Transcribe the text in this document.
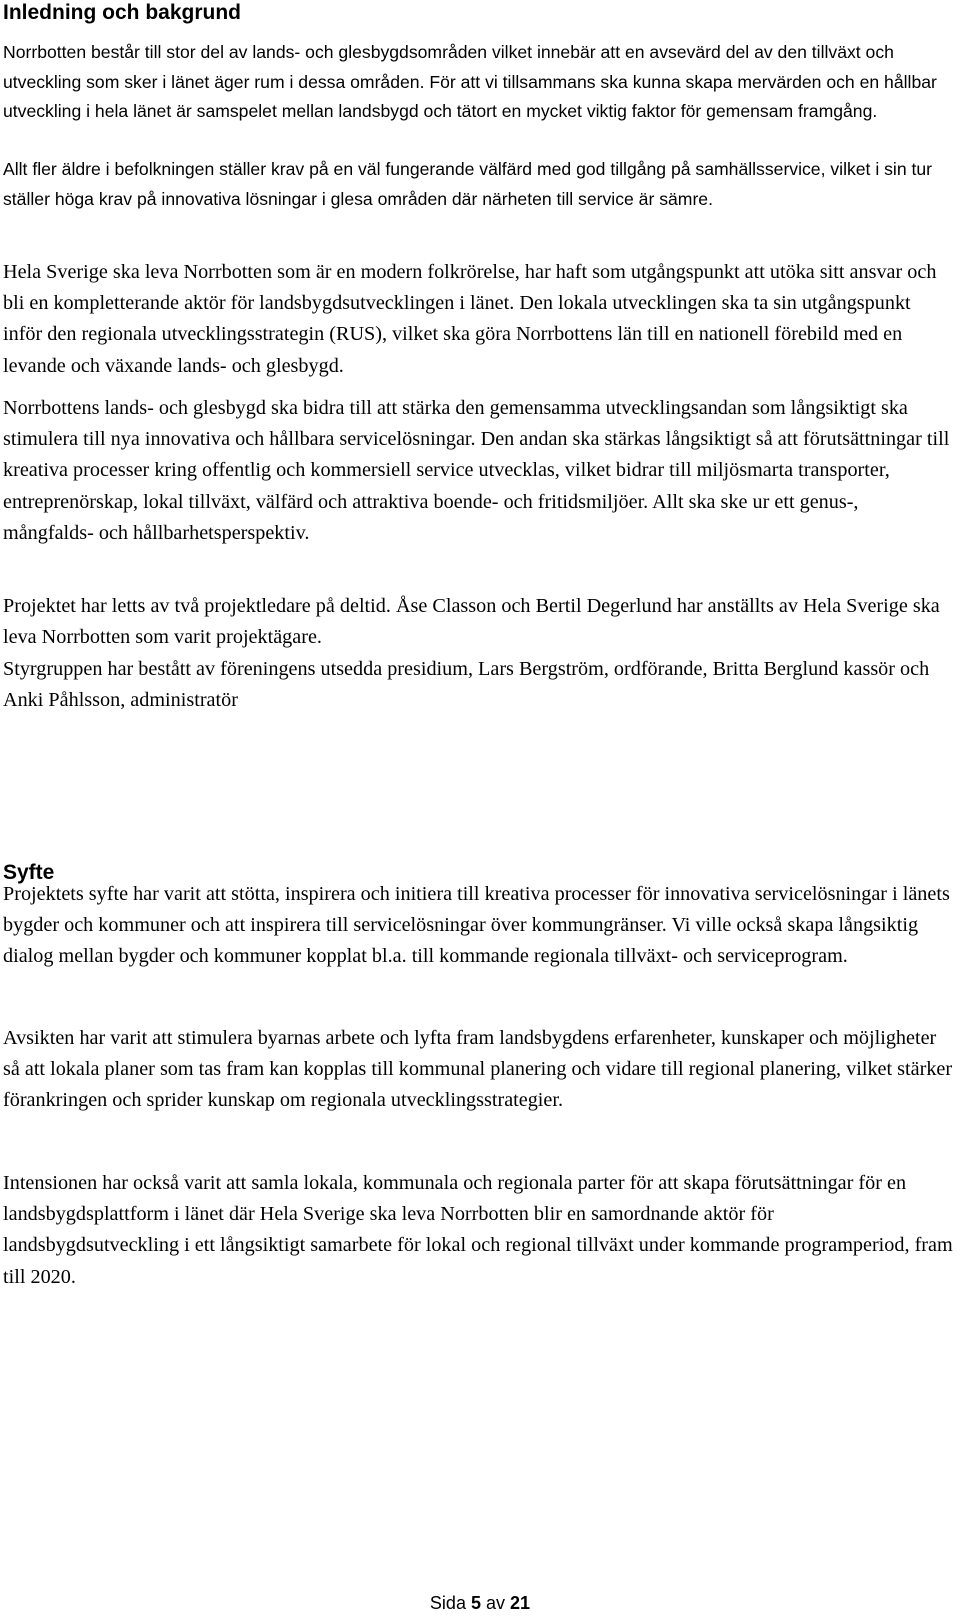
Inledning och bakgrund

Norrbotten består till stor del av lands- och glesbygdsområden vilket innebär att en avsevärd del av den tillväxt och utveckling som sker i länet äger rum i dessa områden. För att vi tillsammans ska kunna skapa mervärden och en hållbar utveckling i hela länet är samspelet mellan landsbygd och tätort en mycket viktig faktor för gemensam framgång.

Allt fler äldre i befolkningen ställer krav på en väl fungerande välfärd med god tillgång på samhällsservice, vilket i sin tur ställer höga krav på innovativa lösningar i glesa områden där närheten till service är sämre.

Hela Sverige ska leva Norrbotten som är en modern folkrörelse, har haft som utgångspunkt att utöka sitt ansvar och bli en kompletterande aktör för landsbygdsutvecklingen i länet. Den lokala utvecklingen ska ta sin utgångspunkt inför den regionala utvecklingsstrategin (RUS), vilket ska göra Norrbottens län till en nationell förebild med en levande och växande lands- och glesbygd.

Norrbottens lands- och glesbygd ska bidra till att stärka den gemensamma utvecklingsandan som långsiktigt ska stimulera till nya innovativa och hållbara servicelösningar. Den andan ska stärkas långsiktigt så att förutsättningar till kreativa processer kring offentlig och kommersiell service utvecklas, vilket bidrar till miljösmarta transporter, entreprenörskap, lokal tillväxt, välfärd och attraktiva boende- och fritidsmiljöer. Allt ska ske ur ett genus-, mångfalds- och hållbarhetsperspektiv.

Projektet har letts av två projektledare på deltid. Åse Classon och Bertil Degerlund har anställts av Hela Sverige ska leva Norrbotten som varit projektägare.

Styrgruppen har bestått av föreningens utsedda presidium, Lars Bergström, ordförande, Britta Berglund kassör och Anki Påhlsson, administratör

Syfte

Projektets syfte har varit att stötta, inspirera och initiera till kreativa processer för innovativa servicelösningar i länets bygder och kommuner och att inspirera till servicelösningar över kommungränser. Vi ville också skapa långsiktig dialog mellan bygder och kommuner kopplat bl.a. till kommande regionala tillväxt- och serviceprogram.

Avsikten har varit att stimulera byarnas arbete och lyfta fram landsbygdens erfarenheter, kunskaper och möjligheter så att lokala planer som tas fram kan kopplas till kommunal planering och vidare till regional planering, vilket stärker förankringen och sprider kunskap om regionala utvecklingsstrategier.

Intensionen har också varit att samla lokala, kommunala och regionala parter för att skapa förutsättningar för en landsbygdsplattform i länet där Hela Sverige ska leva Norrbotten blir en samordnande aktör för landsbygdsutveckling i ett långsiktigt samarbete för lokal och regional tillväxt under kommande programperiod, fram till 2020.

Sida 5 av 21
